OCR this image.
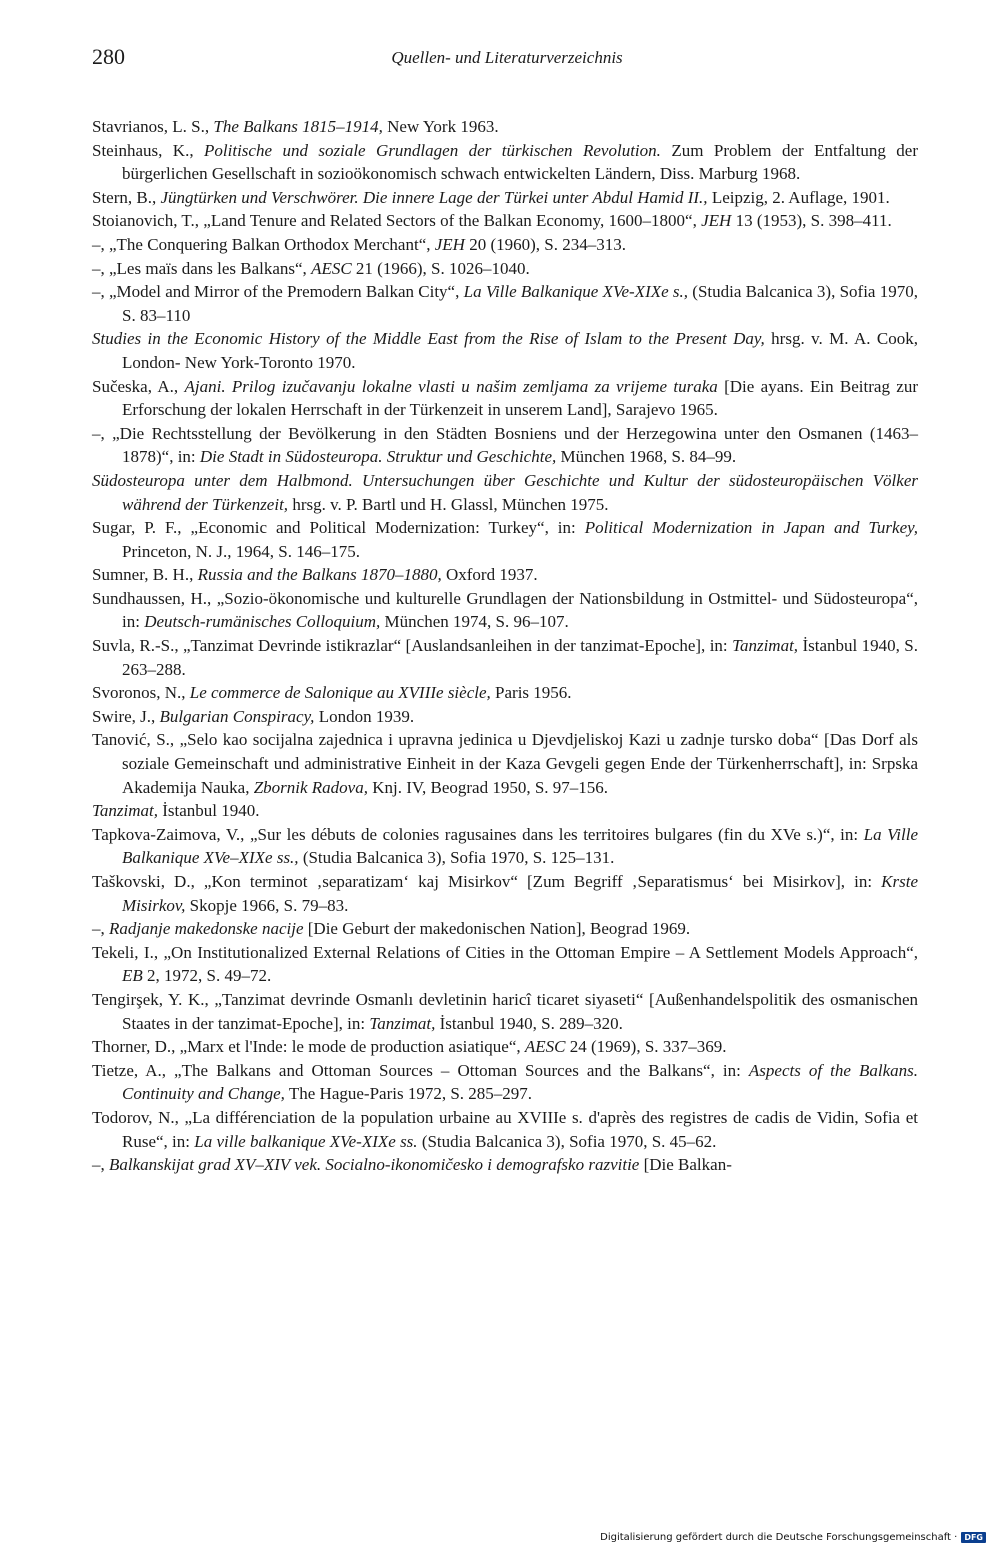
280	Quellen- und Literaturverzeichnis
Stavrianos, L. S., The Balkans 1815–1914, New York 1963.
Steinhaus, K., Politische und soziale Grundlagen der türkischen Revolution. Zum Problem der Entfaltung der bürgerlichen Gesellschaft in sozioökonomisch schwach entwickelten Ländern, Diss. Marburg 1968.
Stern, B., Jüngtürken und Verschwörer. Die innere Lage der Türkei unter Abdul Hamid II., Leipzig, 2. Auflage, 1901.
Stoianovich, T., „Land Tenure and Related Sectors of the Balkan Economy, 1600–1800“, JEH 13 (1953), S. 398–411.
–, „The Conquering Balkan Orthodox Merchant“, JEH 20 (1960), S. 234–313.
–, „Les maïs dans les Balkans“, AESC 21 (1966), S. 1026–1040.
–, „Model and Mirror of the Premodern Balkan City“, La Ville Balkanique XVe-XIXe s., (Studia Balcanica 3), Sofia 1970, S. 83–110
Studies in the Economic History of the Middle East from the Rise of Islam to the Present Day, hrsg. v. M. A. Cook, London- New York-Toronto 1970.
Sučeska, A., Ajani. Prilog izučavanju lokalne vlasti u našim zemljama za vrijeme turaka [Die ayans. Ein Beitrag zur Erforschung der lokalen Herrschaft in der Türkenzeit in unserem Land], Sarajevo 1965.
–, „Die Rechtsstellung der Bevölkerung in den Städten Bosniens und der Herzegowina unter den Osmanen (1463–1878)“, in: Die Stadt in Südosteuropa. Struktur und Geschichte, München 1968, S. 84–99.
Südosteuropa unter dem Halbmond. Untersuchungen über Geschichte und Kultur der südosteuropäischen Völker während der Türkenzeit, hrsg. v. P. Bartl und H. Glassl, München 1975.
Sugar, P. F., „Economic and Political Modernization: Turkey“, in: Political Modernization in Japan and Turkey, Princeton, N. J., 1964, S. 146–175.
Sumner, B. H., Russia and the Balkans 1870–1880, Oxford 1937.
Sundhaussen, H., „Sozio-ökonomische und kulturelle Grundlagen der Nationsbildung in Ostmittel- und Südosteuropa“, in: Deutsch-rumänisches Colloquium, München 1974, S. 96–107.
Suvla, R.-S., „Tanzimat Devrinde istikrazlar“ [Auslandsanleihen in der tanzimat-Epoche], in: Tanzimat, İstanbul 1940, S. 263–288.
Svoronos, N., Le commerce de Salonique au XVIIIe siècle, Paris 1956.
Swire, J., Bulgarian Conspiracy, London 1939.
Tanović, S., „Selo kao socijalna zajednica i upravna jedinica u Djevdjeliskoj Kazi u zadnje tursko doba“ [Das Dorf als soziale Gemeinschaft und administrative Einheit in der Kaza Gevgeli gegen Ende der Türkenherrschaft], in: Srpska Akademija Nauka, Zbornik Radova, Knj. IV, Beograd 1950, S. 97–156.
Tanzimat, İstanbul 1940.
Tapkova-Zaimova, V., „Sur les débuts de colonies ragusaines dans les territoires bulgares (fin du XVe s.)“, in: La Ville Balkanique XVe–XIXe ss., (Studia Balcanica 3), Sofia 1970, S. 125–131.
Taškovski, D., „Kon terminot ‚separatizam‘ kaj Misirkov“ [Zum Begriff ‚Separatismus‘ bei Misirkov], in: Krste Misirkov, Skopje 1966, S. 79–83.
–, Radjanje makedonske nacije [Die Geburt der makedonischen Nation], Beograd 1969.
Tekeli, I., „On Institutionalized External Relations of Cities in the Ottoman Empire – A Settlement Models Approach“, EB 2, 1972, S. 49–72.
Tengirşek, Y. K., „Tanzimat devrinde Osmanlı devletinin haricî ticaret siyaseti“ [Außenhandelspolitik des osmanischen Staates in der tanzimat-Epoche], in: Tanzimat, İstanbul 1940, S. 289–320.
Thorner, D., „Marx et l'Inde: le mode de production asiatique“, AESC 24 (1969), S. 337–369.
Tietze, A., „The Balkans and Ottoman Sources – Ottoman Sources and the Balkans“, in: Aspects of the Balkans. Continuity and Change, The Hague-Paris 1972, S. 285–297.
Todorov, N., „La différenciation de la population urbaine au XVIIIe s. d'après des registres de cadis de Vidin, Sofia et Ruse“, in: La ville balkanique XVe-XIXe ss. (Studia Balcanica 3), Sofia 1970, S. 45–62.
–, Balkanskijat grad XV–XIV vek. Socialno-ikonomičesko i demografsko razvitie [Die Balkan-
Digitalisierung gefördert durch die Deutsche Forschungsgemeinschaft · DFG
